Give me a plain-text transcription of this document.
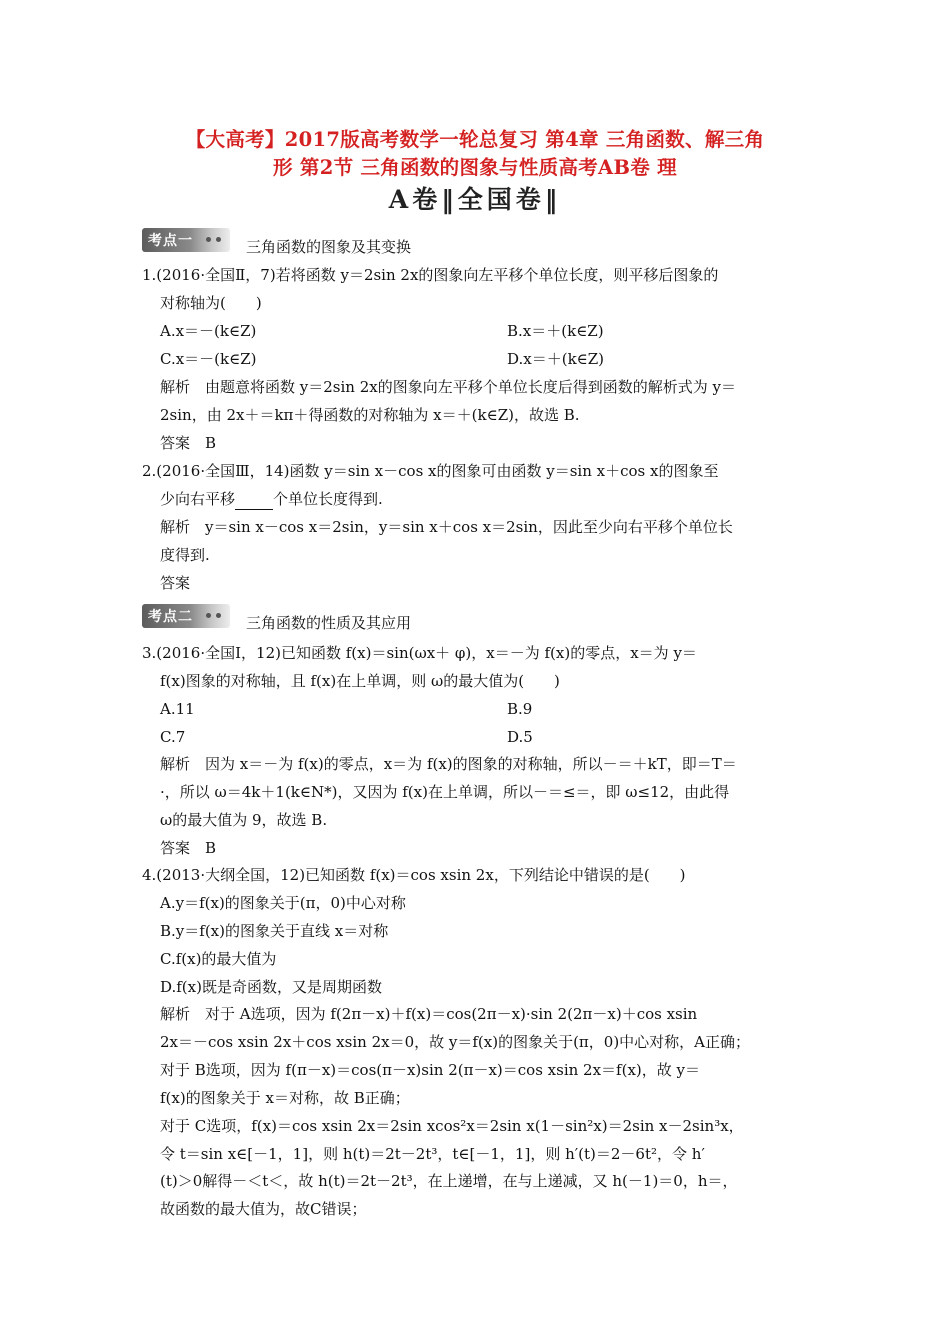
【大高考】2017版高考数学一轮总复习 第4章 三角函数、解三角
形 第2节 三角函数的图象与性质高考AB卷 理
A卷‖全国卷‖
考点一	三角函数的图象及其变换
1.(2016·全国Ⅱ，7)若将函数 y＝2sin 2x的图象向左平移个单位长度，则平移后图象的
对称轴为(　　)
A.x＝－(k∈Z)	B.x＝＋(k∈Z)
C.x＝－(k∈Z)	D.x＝＋(k∈Z)
解析　由题意将函数 y＝2sin 2x的图象向左平移个单位长度后得到函数的解析式为 y＝
2sin，由 2x＋＝kπ＋得函数的对称轴为 x＝＋(k∈Z)，故选 B.
答案　B
2.(2016·全国Ⅲ，14)函数 y＝sin x－cos x的图象可由函数 y＝sin x＋cos x的图象至
少向右平移	个单位长度得到.
解析　y＝sin x－cos x＝2sin，y＝sin x＋cos x＝2sin，因此至少向右平移个单位长
度得到.
答案
考点二	三角函数的性质及其应用
3.(2016·全国Ⅰ，12)已知函数 f(x)＝sin(ωx＋ φ)，x＝－为 f(x)的零点，x＝为 y＝
f(x)图象的对称轴，且 f(x)在上单调，则 ω的最大值为(　　)
A.11	B.9
C.7	D.5
解析　因为 x＝－为 f(x)的零点，x＝为 f(x)的图象的对称轴，所以－＝＋kT，即＝T＝
·，所以 ω＝4k＋1(k∈N*)，又因为 f(x)在上单调，所以－＝≤＝，即 ω≤12，由此得
ω的最大值为 9，故选 B.
答案　B
4.(2013·大纲全国，12)已知函数 f(x)＝cos xsin 2x，下列结论中错误的是(　　)
A.y＝f(x)的图象关于(π，0)中心对称
B.y＝f(x)的图象关于直线 x＝对称
C.f(x)的最大值为
D.f(x)既是奇函数，又是周期函数
解析　对于 A选项，因为 f(2π－x)＋f(x)＝cos(2π－x)·sin 2(2π－x)＋cos xsin
2x＝－cos xsin 2x＋cos xsin 2x＝0，故 y＝f(x)的图象关于(π，0)中心对称，A正确；
对于 B选项，因为 f(π－x)＝cos(π－x)sin 2(π－x)＝cos xsin 2x＝f(x)，故 y＝
f(x)的图象关于 x＝对称，故 B正确；
对于 C选项，f(x)＝cos xsin 2x＝2sin xcos²x＝2sin x(1－sin²x)＝2sin x－2sin³x，
令 t＝sin x∈[－1，1]，则 h(t)＝2t－2t³，t∈[－1，1]，则 h′(t)＝2－6t²，令 h′
(t)＞0解得－＜t＜，故 h(t)＝2t－2t³，在上递增，在与上递减，又 h(－1)＝0，h＝，
故函数的最大值为，故C错误；
